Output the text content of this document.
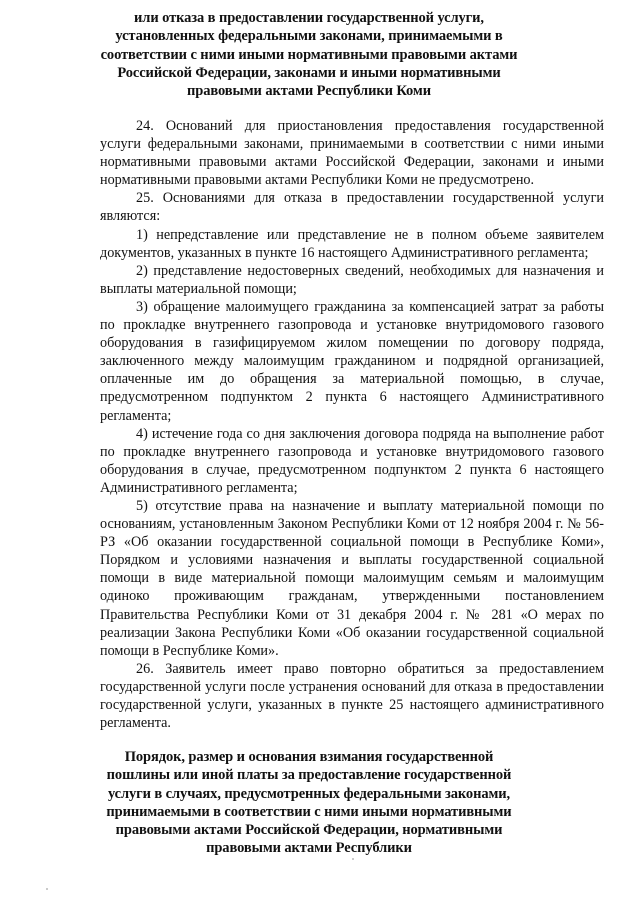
или отказа в предоставлении государственной услуги, установленных федеральными законами, принимаемыми в соответствии с ними иными нормативными правовыми актами Российской Федерации, законами и иными нормативными правовыми актами Республики Коми

24. Оснований для приостановления предоставления государственной услуги федеральными законами, принимаемыми в соответствии с ними иными нормативными правовыми актами Российской Федерации, законами и иными нормативными правовыми актами Республики Коми не предусмотрено.

25. Основаниями для отказа в предоставлении государственной услуги являются:

1) непредставление или представление не в полном объеме заявителем документов, указанных в пункте 16 настоящего Административного регламента;

2) представление недостоверных сведений, необходимых для назначения и выплаты материальной помощи;

3) обращение малоимущего гражданина за компенсацией затрат за работы по прокладке внутреннего газопровода и установке внутридомового газового оборудования в газифицируемом жилом помещении по договору подряда, заключенного между малоимущим гражданином и подрядной организацией, оплаченные им до обращения за материальной помощью, в случае, предусмотренном подпунктом 2 пункта 6 настоящего Административного регламента;

4) истечение года со дня заключения договора подряда на выполнение работ по прокладке внутреннего газопровода и установке внутридомового газового оборудования в случае, предусмотренном подпунктом 2 пункта 6 настоящего Административного регламента;

5) отсутствие права на назначение и выплату материальной помощи по основаниям, установленным Законом Республики Коми от 12 ноября 2004 г. № 56-РЗ «Об оказании государственной социальной помощи в Республике Коми», Порядком и условиями назначения и выплаты государственной социальной помощи в виде материальной помощи малоимущим семьям и малоимущим одиноко проживающим гражданам, утвержденными постановлением Правительства Республики Коми от 31 декабря 2004 г. № 281 «О мерах по реализации Закона Республики Коми «Об оказании государственной социальной помощи в Республике Коми».

26. Заявитель имеет право повторно обратиться за предоставлением государственной услуги после устранения оснований для отказа в предоставлении государственной услуги, указанных в пункте 25 настоящего административного регламента.

Порядок, размер и основания взимания государственной пошлины или иной платы за предоставление государственной услуги в случаях, предусмотренных федеральными законами, принимаемыми в соответствии с ними иными нормативными правовыми актами Российской Федерации, нормативными правовыми актами Республики
